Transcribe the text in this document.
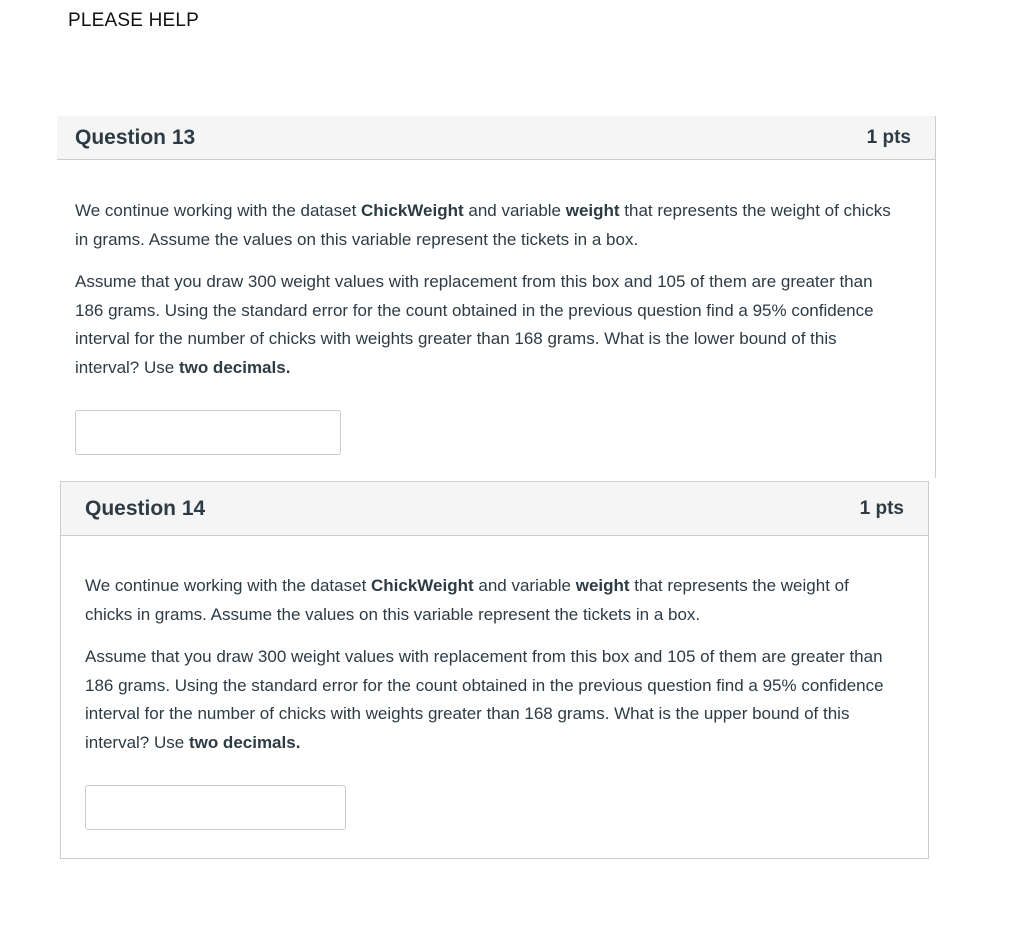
PLEASE HELP
Question 13	1 pts

We continue working with the dataset ChickWeight and variable weight that represents the weight of chicks in grams. Assume the values on this variable represent the tickets in a box.

Assume that you draw 300 weight values with replacement from this box and 105 of them are greater than 186 grams. Using the standard error for the count obtained in the previous question find a 95% confidence interval for the number of chicks with weights greater than 168 grams. What is the lower bound of this interval? Use two decimals.

Question 14	1 pts

We continue working with the dataset ChickWeight and variable weight that represents the weight of chicks in grams. Assume the values on this variable represent the tickets in a box.

Assume that you draw 300 weight values with replacement from this box and 105 of them are greater than 186 grams. Using the standard error for the count obtained in the previous question find a 95% confidence interval for the number of chicks with weights greater than 168 grams. What is the upper bound of this interval? Use two decimals.
